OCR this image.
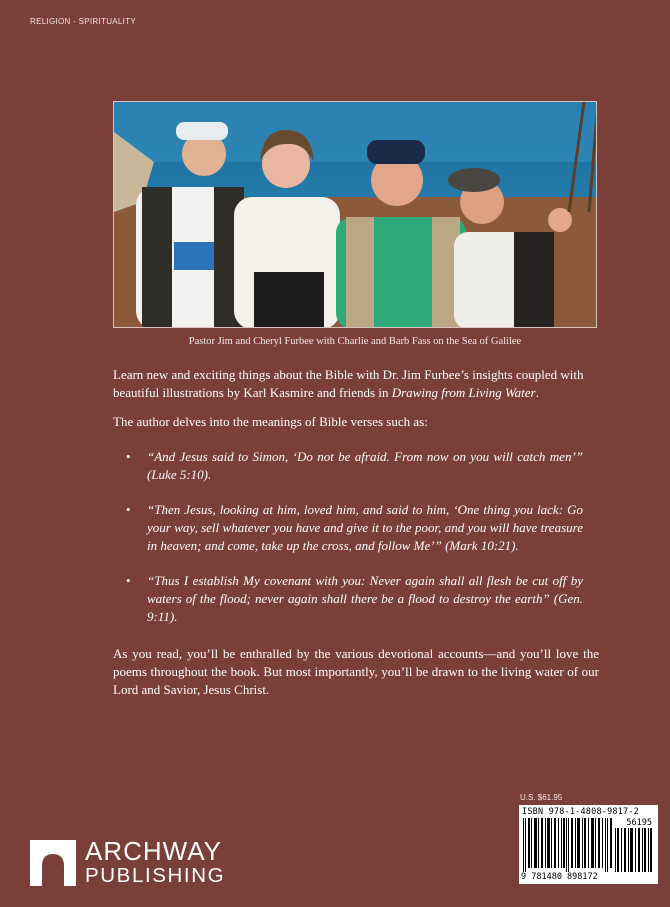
RELIGION - SPIRITUALITY
Pastor Jim and Cheryl Furbee with Charlie and Barb Fass on the Sea of Galilee
Learn new and exciting things about the Bible with Dr. Jim Furbee’s insights coupled with beautiful illustrations by Karl Kasmire and friends in Drawing from Living Water.
The author delves into the meanings of Bible verses such as:
• “And Jesus said to Simon, ‘Do not be afraid. From now on you will catch men’” (Luke 5:10).
• “Then Jesus, looking at him, loved him, and said to him, ‘One thing you lack: Go your way, sell whatever you have and give it to the poor, and you will have treasure in heaven; and come, take up the cross, and follow Me’” (Mark 10:21).
• “Thus I establish My covenant with you: Never again shall all flesh be cut off by waters of the flood; never again shall there be a flood to destroy the earth” (Gen. 9:11).
As you read, you’ll be enthralled by the various devotional accounts—and you’ll love the poems throughout the book. But most importantly, you’ll be drawn to the living water of our Lord and Savior, Jesus Christ.
U.S. $61.95
ISBN 978-1-4808-9817-2
56195
9 781480 898172
ARCHWAY
PUBLISHING
